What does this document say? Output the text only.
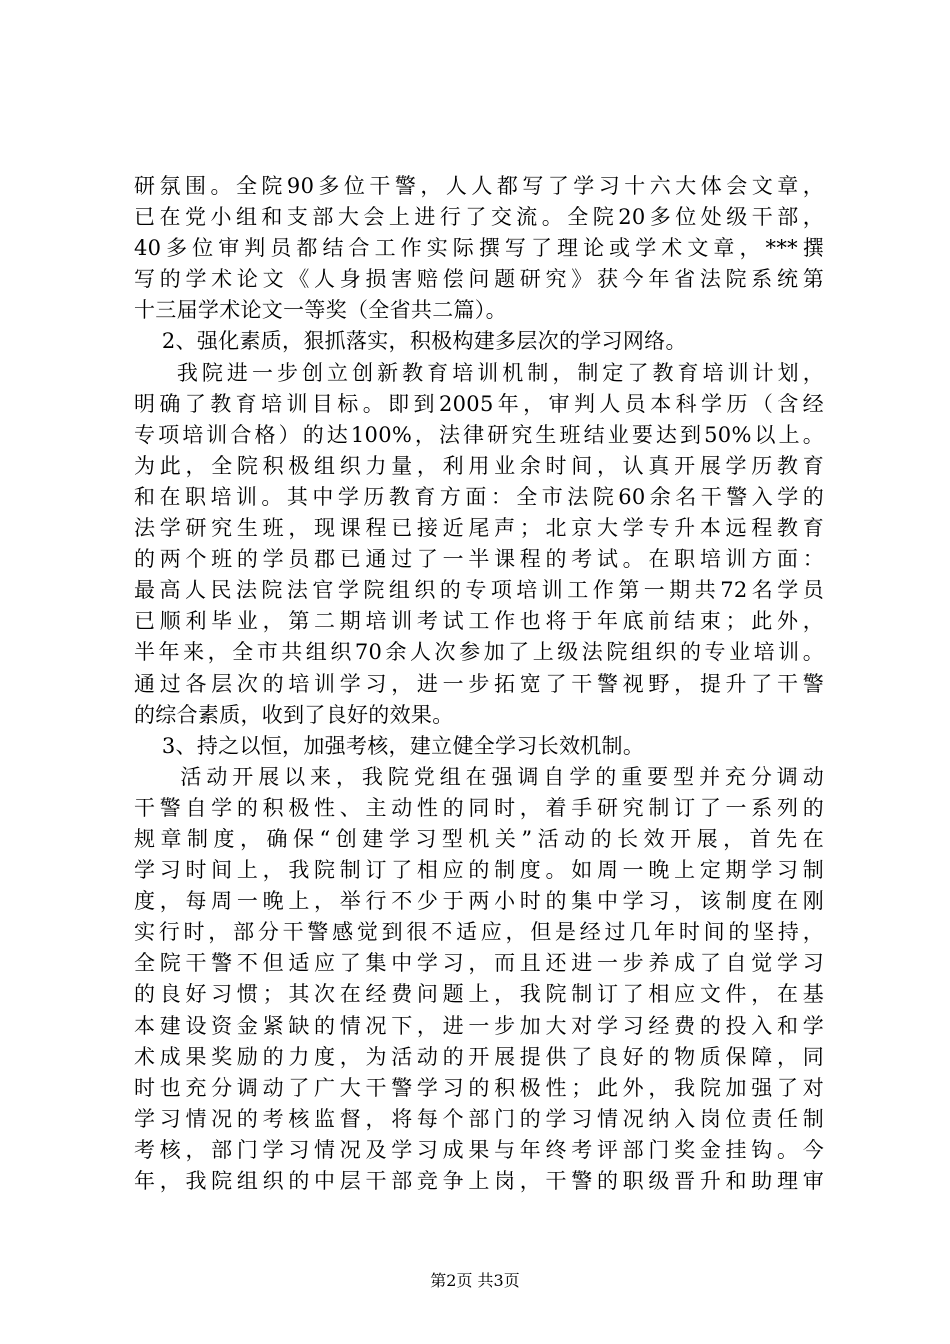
研氛围。全院90多位干警，人人都写了学习十六大体会文章，
已在党小组和支部大会上进行了交流。全院20多位处级干部，
40多位审判员都结合工作实际撰写了理论或学术文章，***撰
写的学术论文《人身损害赔偿问题研究》获今年省法院系统第
十三届学术论文一等奖（全省共二篇）。
2、强化素质，狠抓落实，积极构建多层次的学习网络。
我院进一步创立创新教育培训机制，制定了教育培训计划，
明确了教育培训目标。即到2005年，审判人员本科学历（含经
专项培训合格）的达100%，法律研究生班结业要达到50%以上。
为此，全院积极组织力量，利用业余时间，认真开展学历教育
和在职培训。其中学历教育方面：全市法院60余名干警入学的
法学研究生班，现课程已接近尾声；北京大学专升本远程教育
的两个班的学员郡已通过了一半课程的考试。在职培训方面：
最高人民法院法官学院组织的专项培训工作第一期共72名学员
已顺利毕业，第二期培训考试工作也将于年底前结束；此外，
半年来，全市共组织70余人次参加了上级法院组织的专业培训。
通过各层次的培训学习，进一步拓宽了干警视野，提升了干警
的综合素质，收到了良好的效果。
3、持之以恒，加强考核，建立健全学习长效机制。
活动开展以来，我院党组在强调自学的重要型并充分调动
干警自学的积极性、主动性的同时，着手研究制订了一系列的
规章制度，确保“创建学习型机关”活动的长效开展，首先在
学习时间上，我院制订了相应的制度。如周一晚上定期学习制
度，每周一晚上，举行不少于两小时的集中学习，该制度在刚
实行时，部分干警感觉到很不适应，但是经过几年时间的坚持，
全院干警不但适应了集中学习，而且还进一步养成了自觉学习
的良好习惯；其次在经费问题上，我院制订了相应文件，在基
本建设资金紧缺的情况下，进一步加大对学习经费的投入和学
术成果奖励的力度，为活动的开展提供了良好的物质保障，同
时也充分调动了广大干警学习的积极性；此外，我院加强了对
学习情况的考核监督，将每个部门的学习情况纳入岗位责任制
考核，部门学习情况及学习成果与年终考评部门奖金挂钩。今
年，我院组织的中层干部竞争上岗，干警的职级晋升和助理审
第2页 共3页
